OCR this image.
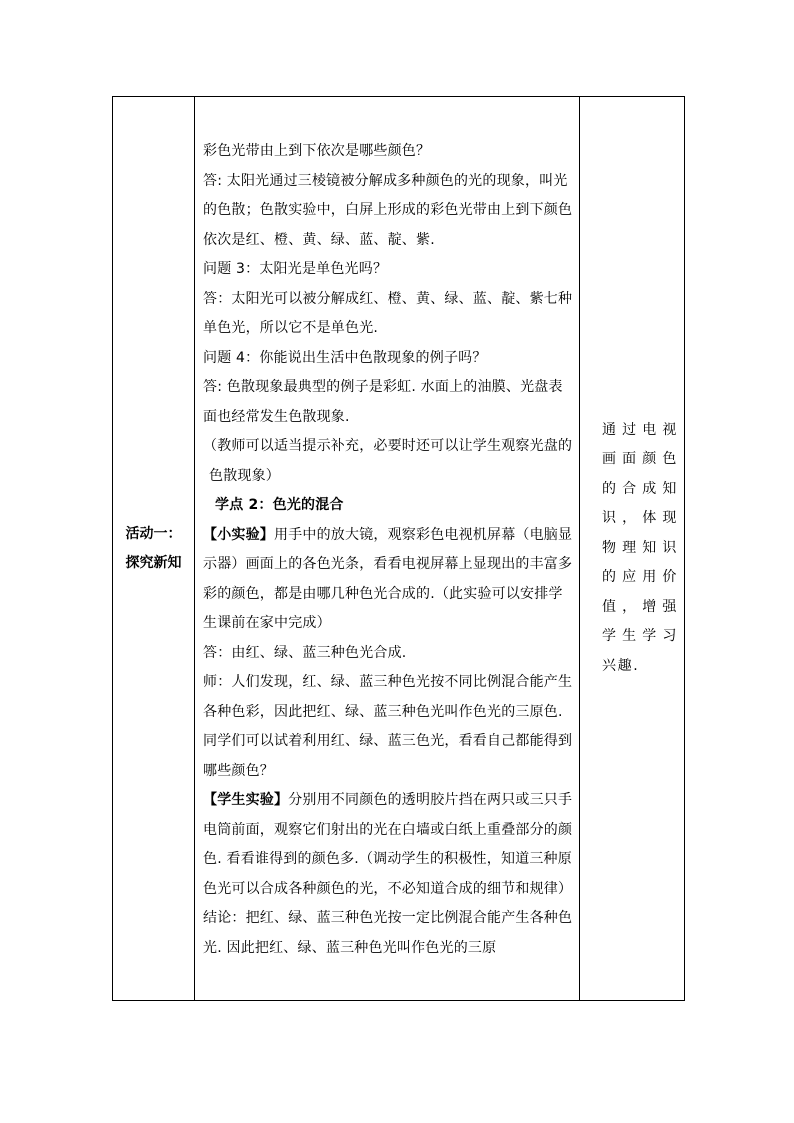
活动一：
探究新知

彩色光带由上到下依次是哪些颜色？

答: 太阳光通过三棱镜被分解成多种颜色的光的现象，叫光的色散；色散实验中，白屏上形成的彩色光带由上到下颜色依次是红、橙、黄、绿、蓝、靛、紫.

问题 3：太阳光是单色光吗？

答：太阳光可以被分解成红、橙、黄、绿、蓝、靛、紫七种单色光，所以它不是单色光.

问题 4：你能说出生活中色散现象的例子吗？

答: 色散现象最典型的例子是彩虹. 水面上的油膜、光盘表面也经常发生色散现象.

（教师可以适当提示补充，必要时还可以让学生观察光盘的色散现象）

学点 2：色光的混合

【小实验】用手中的放大镜，观察彩色电视机屏幕（电脑显示器）画面上的各色光条，看看电视屏幕上显现出的丰富多彩的颜色，都是由哪几种色光合成的.（此实验可以安排学生课前在家中完成）

答：由红、绿、蓝三种色光合成.

师：人们发现，红、绿、蓝三种色光按不同比例混合能产生各种色彩，因此把红、绿、蓝三种色光叫作色光的三原色. 同学们可以试着利用红、绿、蓝三色光，看看自己都能得到哪些颜色？

【学生实验】分别用不同颜色的透明胶片挡在两只或三只手电筒前面，观察它们射出的光在白墙或白纸上重叠部分的颜色. 看看谁得到的颜色多.（调动学生的积极性，知道三种原色光可以合成各种颜色的光，不必知道合成的细节和规律）

结论：把红、绿、蓝三种色光按一定比例混合能产生各种色光. 因此把红、绿、蓝三种色光叫作色光的三原

通过电视画面颜色的合成知识，体现物理知识的应用价值，增强学生学习兴趣.
